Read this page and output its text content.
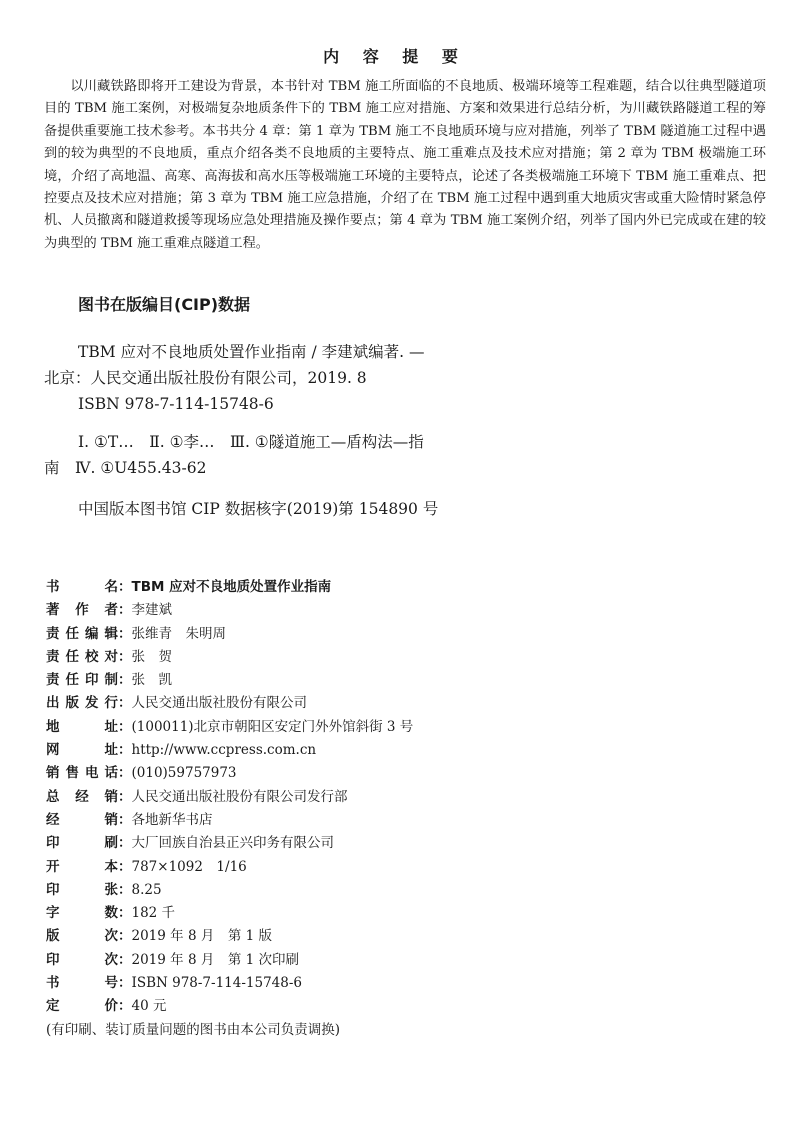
内 容 提 要

以川藏铁路即将开工建设为背景，本书针对 TBM 施工所面临的不良地质、极端环境等工程难题，结合以往典型隧道项目的 TBM 施工案例，对极端复杂地质条件下的 TBM 施工应对措施、方案和效果进行总结分析，为川藏铁路隧道工程的筹备提供重要施工技术参考。本书共分 4 章：第 1 章为 TBM 施工不良地质环境与应对措施，列举了 TBM 隧道施工过程中遇到的较为典型的不良地质，重点介绍各类不良地质的主要特点、施工重难点及技术应对措施；第 2 章为 TBM 极端施工环境，介绍了高地温、高寒、高海拔和高水压等极端施工环境的主要特点，论述了各类极端施工环境下 TBM 施工重难点、把控要点及技术应对措施；第 3 章为 TBM 施工应急措施，介绍了在 TBM 施工过程中遇到重大地质灾害或重大险情时紧急停机、人员撤离和隧道救援等现场应急处理措施及操作要点；第 4 章为 TBM 施工案例介绍，列举了国内外已完成或在建的较为典型的 TBM 施工重难点隧道工程。

图书在版编目(CIP)数据
TBM 应对不良地质处置作业指南 / 李建斌编著. —
北京：人民交通出版社股份有限公司，2019. 8
ISBN 978-7-114-15748-6
Ⅰ. ①T…　Ⅱ. ①李…　Ⅲ. ①隧道施工—盾构法—指
南　Ⅳ. ①U455.43-62
中国版本图书馆 CIP 数据核字(2019)第 154890 号
书名：TBM 应对不良地质处置作业指南
著作者：李建斌
责任编辑：张维青　朱明周
责任校对：张　贺
责任印制：张　凯
出版发行：人民交通出版社股份有限公司
地址：(100011)北京市朝阳区安定门外外馆斜街 3 号
网址：http://www.ccpress.com.cn
销售电话：(010)59757973
总经销：人民交通出版社股份有限公司发行部
经销：各地新华书店
印刷：大厂回族自治县正兴印务有限公司
开本：787×1092　1/16
印张：8.25
字数：182 千
版次：2019 年 8 月　第 1 版
印次：2019 年 8 月　第 1 次印刷
书号：ISBN 978-7-114-15748-6
定价：40 元
(有印刷、装订质量问题的图书由本公司负责调换)
